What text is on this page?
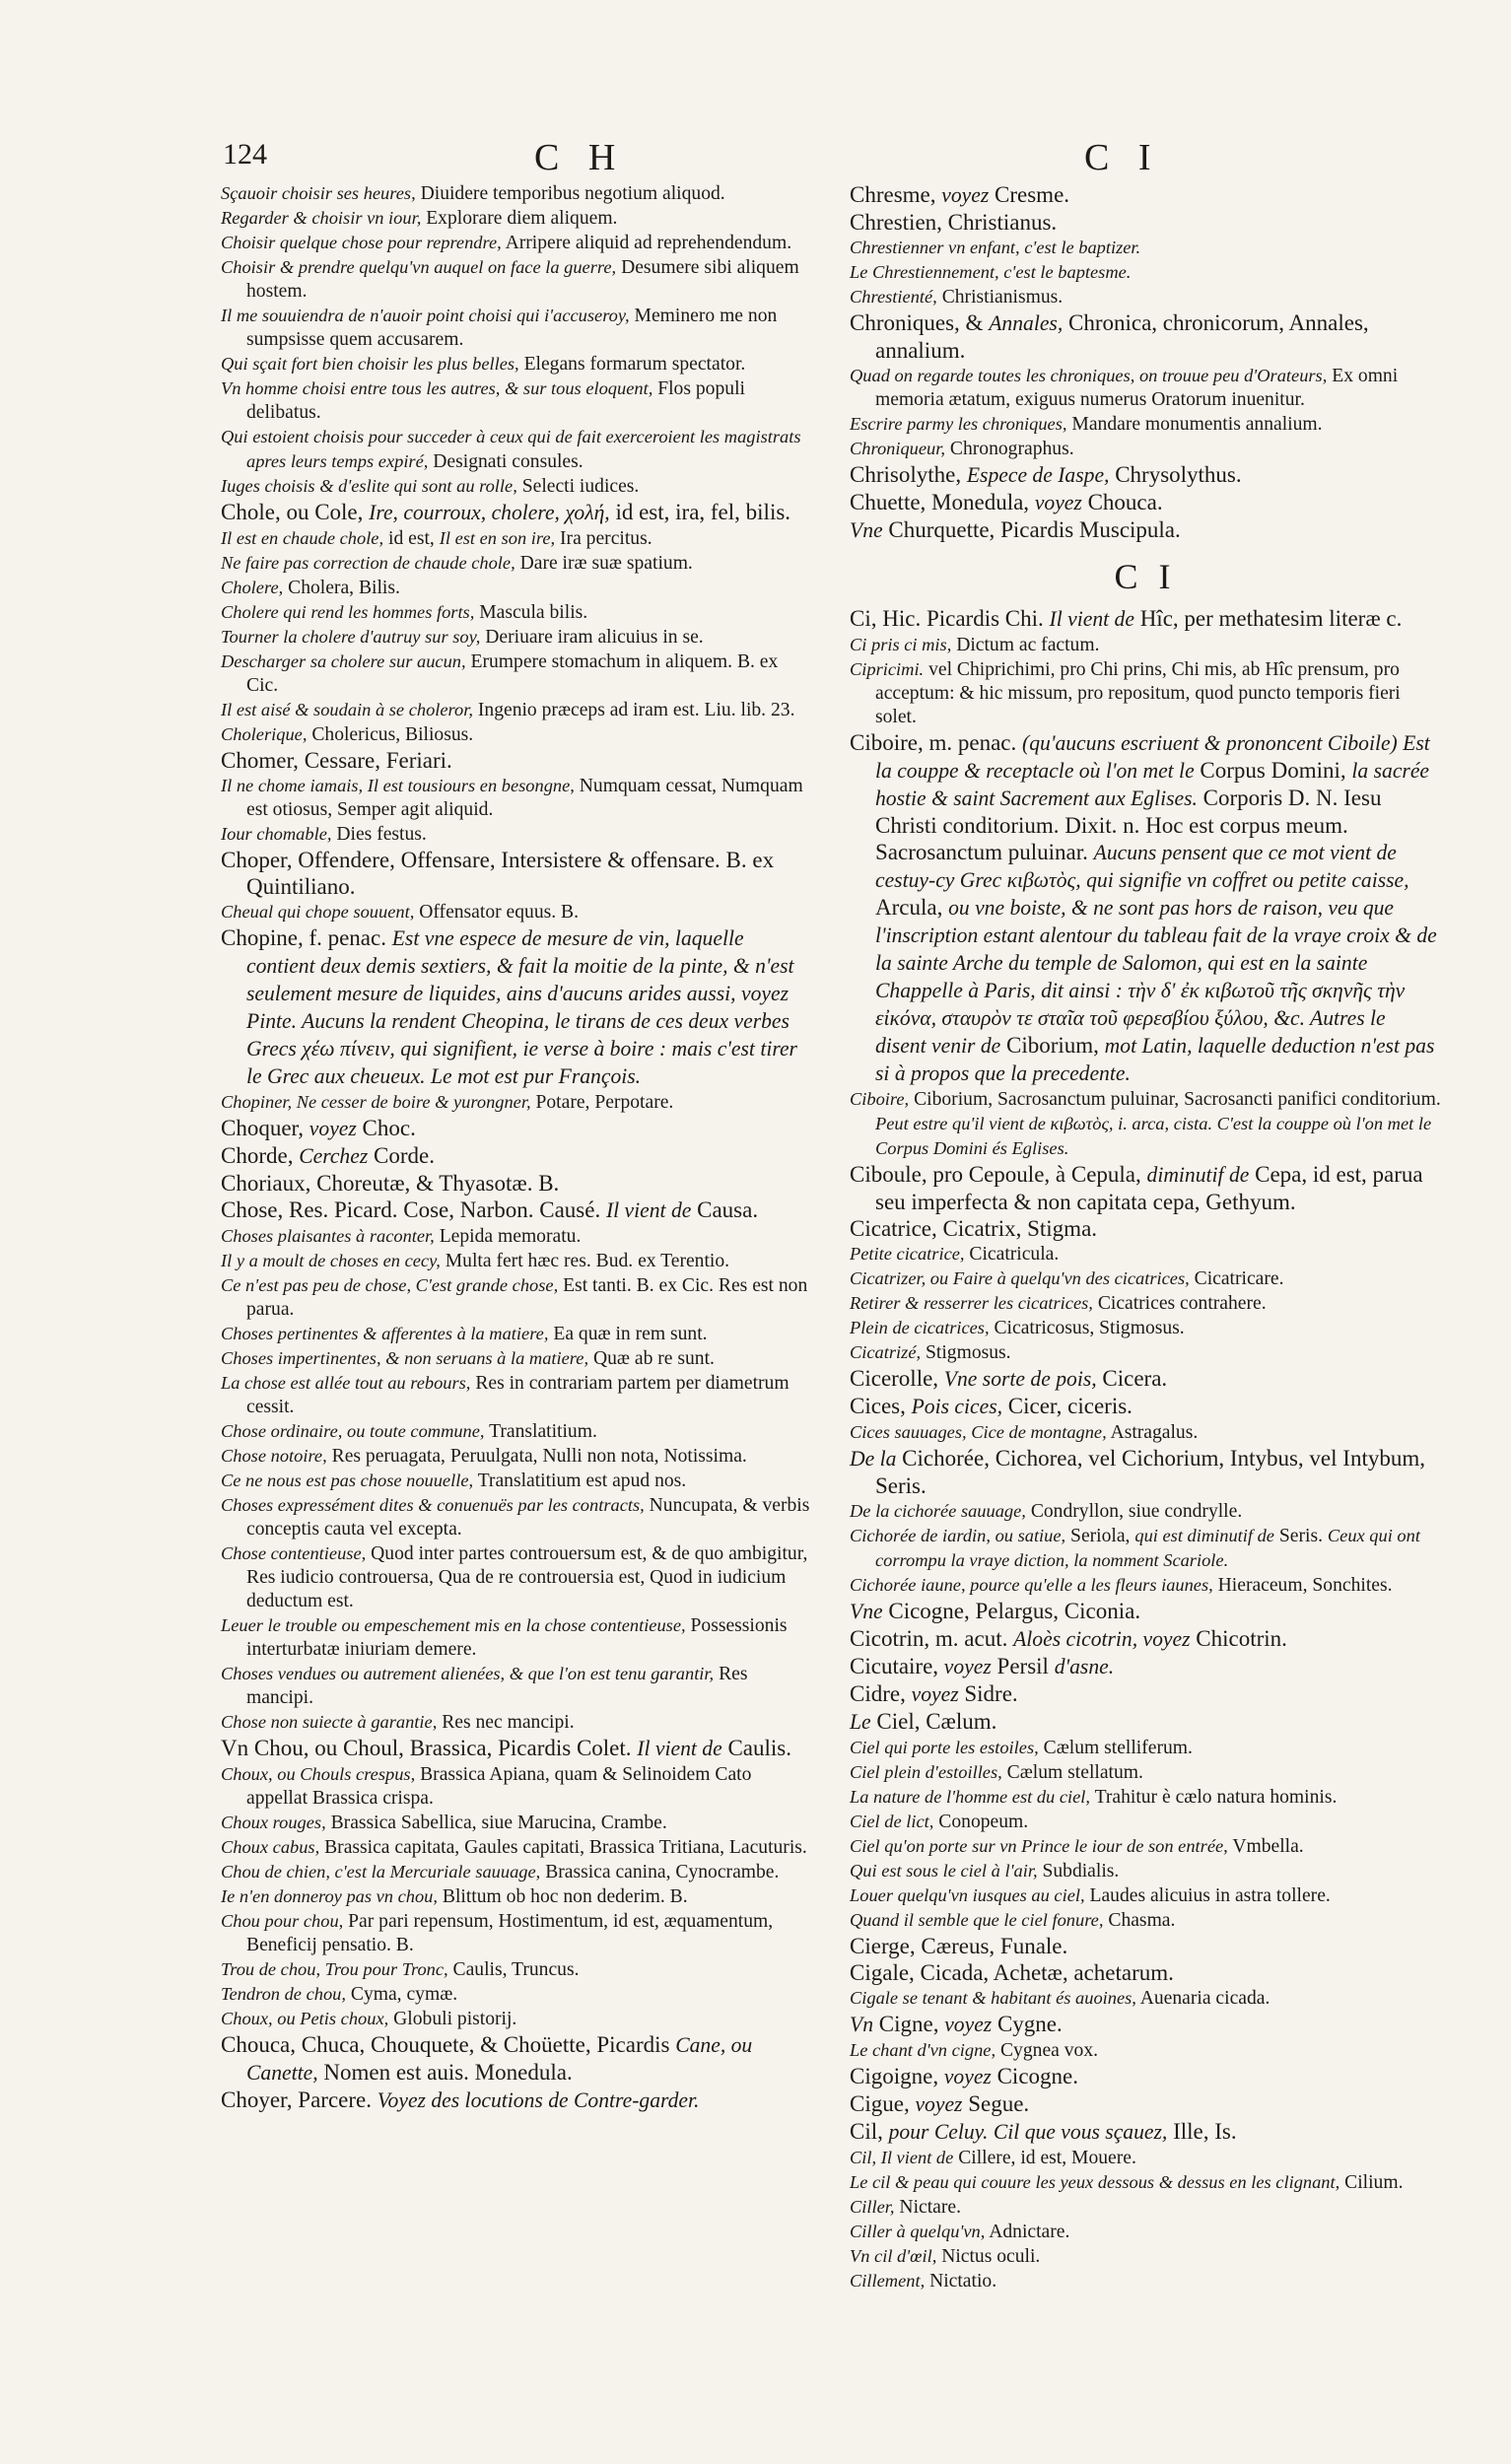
124	C H	C I

Sçauoir choisir ses heures, Diuidere temporibus negotium aliquod.

Regarder & choisir vn iour, Explorare diem aliquem.

Choisir quelque chose pour reprendre, Arripere aliquid ad reprehendendum.

Choisir & prendre quelqu'vn auquel on face la guerre, Desumere sibi aliquem hostem.

Il me souuiendra de n'auoir point choisi qui i'accuseroy, Meminero me non sumpsisse quem accusarem.

Qui sçait fort bien choisir les plus belles, Elegans formarum spectator.

Vn homme choisi entre tous les autres, & sur tous eloquent, Flos populi delibatus.

Qui estoient choisis pour succeder à ceux qui de fait exerceroient les magistrats apres leurs temps expiré, Designati consules.

Iuges choisis & d'eslite qui sont au rolle, Selecti iudices.

Chole, ou Cole, Ire, courroux, cholere, χολή, id est, ira, fel, bilis.

Il est en chaude chole, id est, Il est en son ire, Ira percitus.

Ne faire pas correction de chaude chole, Dare iræ suæ spatium.

Cholere, Cholera, Bilis.

Cholere qui rend les hommes forts, Mascula bilis.

Tourner la cholere d'autruy sur soy, Deriuare iram alicuius in se.

Descharger sa cholere sur aucun, Erumpere stomachum in aliquem. B. ex Cic.

Il est aisé & soudain à se choleror, Ingenio præceps ad iram est. Liu. lib. 23.

Cholerique, Cholericus, Biliosus.

Chomer, Cessare, Feriari.

Il ne chome iamais, Il est tousiours en besongne, Numquam cessat, Numquam est otiosus, Semper agit aliquid.

Iour chomable, Dies festus.

Choper, Offendere, Offensare, Intersistere & offensare. B. ex Quintiliano.

Cheual qui chope souuent, Offensator equus. B.

Chopine, f. penac. Est vne espece de mesure de vin, laquelle contient deux demis sextiers, & fait la moitie de la pinte, & n'est seulement mesure de liquides, ains d'aucuns arides aussi, voyez Pinte. Aucuns la rendent Cheopina, le tirans de ces deux verbes Grecs χέω πίνειν, qui signifient, ie verse à boire : mais c'est tirer le Grec aux cheueux. Le mot est pur François.

Chopiner, Ne cesser de boire & yurongner, Potare, Perpotare.

Choquer, voyez Choc.

Chorde, Cerchez Corde.

Choriaux, Choreutæ, & Thyasotæ. B.

Chose, Res. Picard. Cose, Narbon. Causé. Il vient de Causa.

Choses plaisantes à raconter, Lepida memoratu.

Il y a moult de choses en cecy, Multa fert hæc res. Bud. ex Terentio.

Ce n'est pas peu de chose, C'est grande chose, Est tanti. B. ex Cic. Res est non parua.

Choses pertinentes & afferentes à la matiere, Ea quæ in rem sunt.

Choses impertinentes, & non seruans à la matiere, Quæ ab re sunt.

La chose est allée tout au rebours, Res in contrariam partem per diametrum cessit.

Chose ordinaire, ou toute commune, Translatitium.

Chose notoire, Res peruagata, Peruulgata, Nulli non nota, Notissima.

Ce ne nous est pas chose nouuelle, Translatitium est apud nos.

Choses expressément dites & conuenuës par les contracts, Nuncupata, & verbis conceptis cauta vel excepta.

Chose contentieuse, Quod inter partes controuersum est, & de quo ambigitur, Res iudicio controuersa, Qua de re controuersia est, Quod in iudicium deductum est.

Leuer le trouble ou empeschement mis en la chose contentieuse, Possessionis interturbatæ iniuriam demere.

Choses vendues ou autrement alienées, & que l'on est tenu garantir, Res mancipi.

Chose non suiecte à garantie, Res nec mancipi.

Vn Chou, ou Choul, Brassica, Picardis Colet. Il vient de Caulis.

Choux, ou Chouls crespus, Brassica Apiana, quam & Selinoidem Cato appellat Brassica crispa.

Choux rouges, Brassica Sabellica, siue Marucina, Crambe.

Choux cabus, Brassica capitata, Gaules capitati, Brassica Tritiana, Lacuturis.

Chou de chien, c'est la Mercuriale sauuage, Brassica canina, Cynocrambe.

Ie n'en donneroy pas vn chou, Blittum ob hoc non dederim. B.

Chou pour chou, Par pari repensum, Hostimentum, id est, æquamentum, Beneficij pensatio. B.

Trou de chou, Trou pour Tronc, Caulis, Truncus.

Tendron de chou, Cyma, cymæ.

Choux, ou Petis choux, Globuli pistorij.

Chouca, Chuca, Chouquete, & Choüette, Picardis Cane, ou Canette, Nomen est auis. Monedula.

Choyer, Parcere. Voyez des locutions de Contre-garder.

Chresme, voyez Cresme.

Chrestien, Christianus.

Chrestienner vn enfant, c'est le baptizer.

Le Chrestiennement, c'est le baptesme.

Chrestienté, Christianismus.

Chroniques, & Annales, Chronica, chronicorum, Annales, annalium.

Quad on regarde toutes les chroniques, on trouue peu d'Orateurs, Ex omni memoria ætatum, exiguus numerus Oratorum inuenitur.

Escrire parmy les chroniques, Mandare monumentis annalium.

Chroniqueur, Chronographus.

Chrisolythe, Espece de Iaspe, Chrysolythus.

Chuette, Monedula, voyez Chouca.

Vne Churquette, Picardis Muscipula.

C I

Ci, Hic. Picardis Chi. Il vient de Hîc, per methatesim literæ c.

Ci pris ci mis, Dictum ac factum.

Cipricimi. vel Chiprichimi, pro Chi prins, Chi mis, ab Hîc prensum, pro acceptum: & hic missum, pro repositum, quod puncto temporis fieri solet.

Ciboire, m. penac. (qu'aucuns escriuent & prononcent Ciboile) Est la couppe & receptacle où l'on met le Corpus Domini, la sacrée hostie & saint Sacrement aux Eglises. Corporis D. N. Iesu Christi conditorium. Dixit. n. Hoc est corpus meum. Sacrosanctum puluinar. Aucuns pensent que ce mot vient de cestuy-cy Grec κιβωτὸς, qui signifie vn coffret ou petite caisse, Arcula, ou vne boiste, & ne sont pas hors de raison, veu que l'inscription estant alentour du tableau fait de la vraye croix & de la sainte Arche du temple de Salomon, qui est en la sainte Chappelle à Paris, dit ainsi : τὴν δ' ἐκ κιβωτοῦ τῆς σκηνῆς τὴν εἰκόνα, σταυρὸν τε σταῖα τοῦ φερεσβίου ξύλου, &c. Autres le disent venir de Ciborium, mot Latin, laquelle deduction n'est pas si à propos que la precedente.

Ciboire, Ciborium, Sacrosanctum puluinar, Sacrosancti panifici conditorium. Peut estre qu'il vient de κιβωτὸς, i. arca, cista. C'est la couppe où l'on met le Corpus Domini és Eglises.

Ciboule, pro Cepoule, à Cepula, diminutif de Cepa, id est, parua seu imperfecta & non capitata cepa, Gethyum.

Cicatrice, Cicatrix, Stigma.

Petite cicatrice, Cicatricula.

Cicatrizer, ou Faire à quelqu'vn des cicatrices, Cicatricare.

Retirer & resserrer les cicatrices, Cicatrices contrahere.

Plein de cicatrices, Cicatricosus, Stigmosus.

Cicatrizé, Stigmosus.

Cicerolle, Vne sorte de pois, Cicera.

Cices, Pois cices, Cicer, ciceris.

Cices sauuages, Cice de montagne, Astragalus.

De la Cichorée, Cichorea, vel Cichorium, Intybus, vel Intybum, Seris.

De la cichorée sauuage, Condryllon, siue condrylle.

Cichorée de iardin, ou satiue, Seriola, qui est diminutif de Seris. Ceux qui ont corrompu la vraye diction, la nomment Scariole.

Cichorée iaune, pource qu'elle a les fleurs iaunes, Hieraceum, Sonchites.

Vne Cicogne, Pelargus, Ciconia.

Cicotrin, m. acut. Aloès cicotrin, voyez Chicotrin.

Cicutaire, voyez Persil d'asne.

Cidre, voyez Sidre.

Le Ciel, Cælum.

Ciel qui porte les estoiles, Cælum stelliferum.

Ciel plein d'estoilles, Cælum stellatum.

La nature de l'homme est du ciel, Trahitur è cælo natura hominis.

Ciel de lict, Conopeum.

Ciel qu'on porte sur vn Prince le iour de son entrée, Vmbella.

Qui est sous le ciel à l'air, Subdialis.

Louer quelqu'vn iusques au ciel, Laudes alicuius in astra tollere.

Quand il semble que le ciel fonure, Chasma.

Cierge, Cæreus, Funale.

Cigale, Cicada, Achetæ, achetarum.

Cigale se tenant & habitant és auoines, Auenaria cicada.

Vn Cigne, voyez Cygne.

Le chant d'vn cigne, Cygnea vox.

Cigoigne, voyez Cicogne.

Cigue, voyez Segue.

Cil, pour Celuy. Cil que vous sçauez, Ille, Is.

Cil, Il vient de Cillere, id est, Mouere.

Le cil & peau qui couure les yeux dessous & dessus en les clignant, Cilium.

Ciller, Nictare.

Ciller à quelqu'vn, Adnictare.

Vn cil d'œil, Nictus oculi.

Cillement, Nictatio.
